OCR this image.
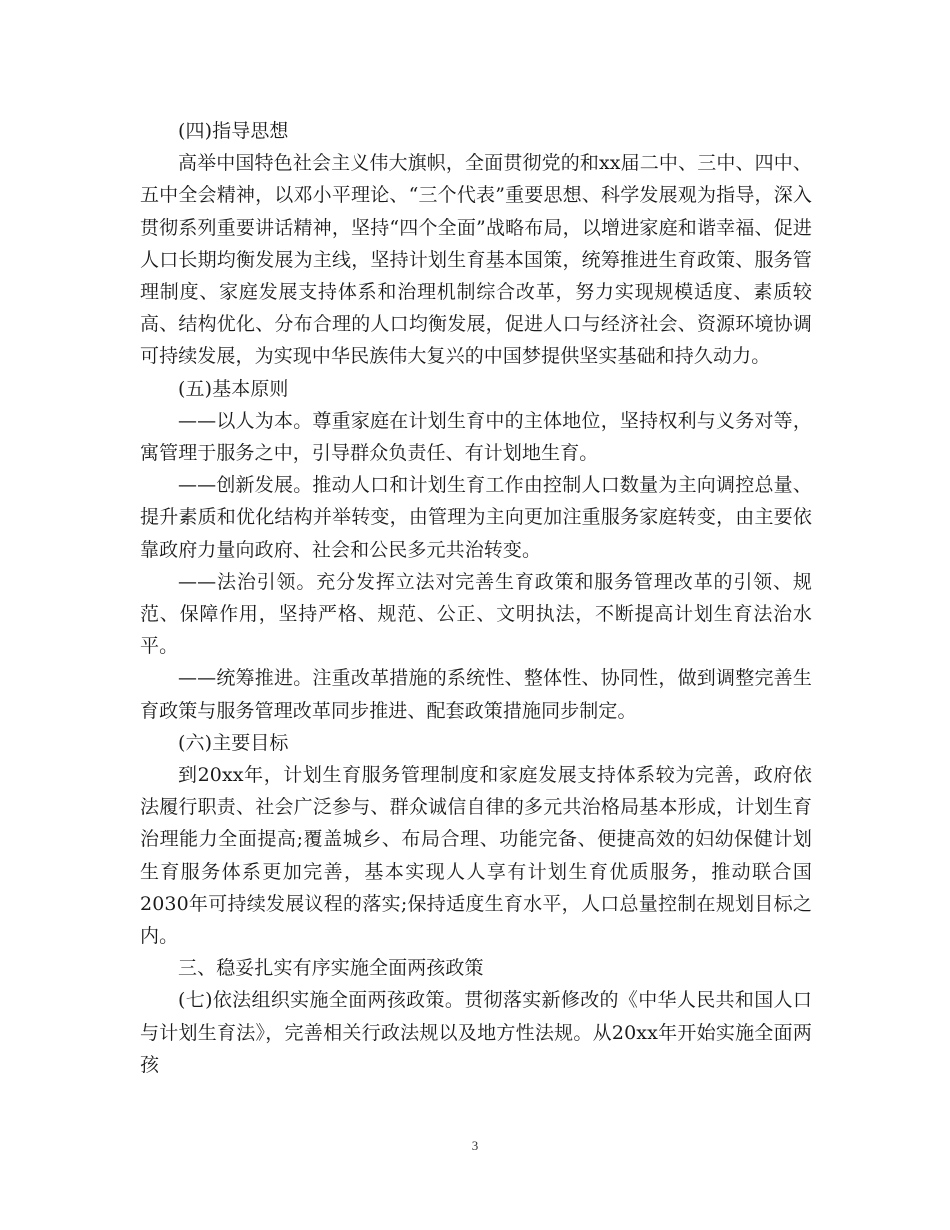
(四)指导思想

高举中国特色社会主义伟大旗帜，全面贯彻党的和xx届二中、三中、四中、五中全会精神，以邓小平理论、“三个代表”重要思想、科学发展观为指导，深入贯彻系列重要讲话精神，坚持“四个全面”战略布局，以增进家庭和谐幸福、促进人口长期均衡发展为主线，坚持计划生育基本国策，统筹推进生育政策、服务管理制度、家庭发展支持体系和治理机制综合改革，努力实现规模适度、素质较高、结构优化、分布合理的人口均衡发展，促进人口与经济社会、资源环境协调可持续发展，为实现中华民族伟大复兴的中国梦提供坚实基础和持久动力。

(五)基本原则

——以人为本。尊重家庭在计划生育中的主体地位，坚持权利与义务对等，寓管理于服务之中，引导群众负责任、有计划地生育。

——创新发展。推动人口和计划生育工作由控制人口数量为主向调控总量、提升素质和优化结构并举转变，由管理为主向更加注重服务家庭转变，由主要依靠政府力量向政府、社会和公民多元共治转变。

——法治引领。充分发挥立法对完善生育政策和服务管理改革的引领、规范、保障作用，坚持严格、规范、公正、文明执法，不断提高计划生育法治水平。

——统筹推进。注重改革措施的系统性、整体性、协同性，做到调整完善生育政策与服务管理改革同步推进、配套政策措施同步制定。

(六)主要目标

到20xx年，计划生育服务管理制度和家庭发展支持体系较为完善，政府依法履行职责、社会广泛参与、群众诚信自律的多元共治格局基本形成，计划生育治理能力全面提高;覆盖城乡、布局合理、功能完备、便捷高效的妇幼保健计划生育服务体系更加完善，基本实现人人享有计划生育优质服务，推动联合国2030年可持续发展议程的落实;保持适度生育水平，人口总量控制在规划目标之内。

三、稳妥扎实有序实施全面两孩政策

(七)依法组织实施全面两孩政策。贯彻落实新修改的《中华人民共和国人口与计划生育法》，完善相关行政法规以及地方性法规。从20xx年开始实施全面两孩

3
